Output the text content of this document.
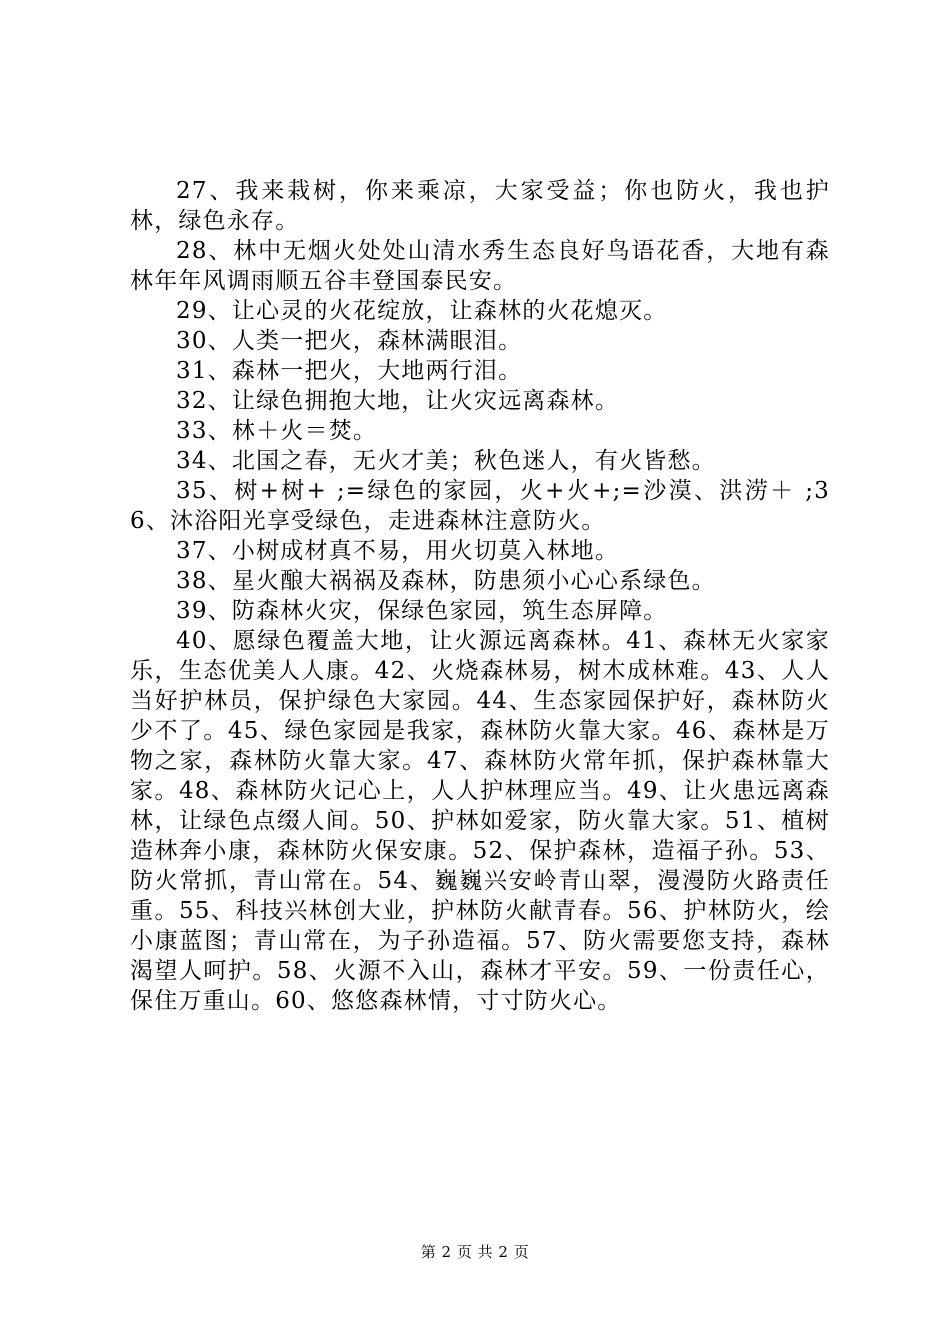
27、我来栽树，你来乘凉，大家受益；你也防火，我也护林，绿色永存。

28、林中无烟火处处山清水秀生态良好鸟语花香，大地有森林年年风调雨顺五谷丰登国泰民安。

29、让心灵的火花绽放，让森林的火花熄灭。

30、人类一把火，森林满眼泪。

31、森林一把火，大地两行泪。

32、让绿色拥抱大地，让火灾远离森林。

33、林＋火＝焚。

34、北国之春，无火才美；秋色迷人，有火皆愁。

35、树+树+ ;=绿色的家园，火+火+;=沙漠、洪涝＋ ;36、沐浴阳光享受绿色，走进森林注意防火。

37、小树成材真不易，用火切莫入林地。

38、星火酿大祸祸及森林，防患须小心心系绿色。

39、防森林火灾，保绿色家园，筑生态屏障。

40、愿绿色覆盖大地，让火源远离森林。41、森林无火家家乐，生态优美人人康。42、火烧森林易，树木成林难。43、人人当好护林员，保护绿色大家园。44、生态家园保护好，森林防火少不了。45、绿色家园是我家，森林防火靠大家。46、森林是万物之家，森林防火靠大家。47、森林防火常年抓，保护森林靠大家。48、森林防火记心上，人人护林理应当。49、让火患远离森林，让绿色点缀人间。50、护林如爱家，防火靠大家。51、植树造林奔小康，森林防火保安康。52、保护森林，造福子孙。53、防火常抓，青山常在。54、巍巍兴安岭青山翠，漫漫防火路责任重。55、科技兴林创大业，护林防火献青春。56、护林防火，绘小康蓝图；青山常在，为子孙造福。57、防火需要您支持，森林渴望人呵护。58、火源不入山，森林才平安。59、一份责任心，保住万重山。60、悠悠森林情，寸寸防火心。

第 2 页 共 2 页
